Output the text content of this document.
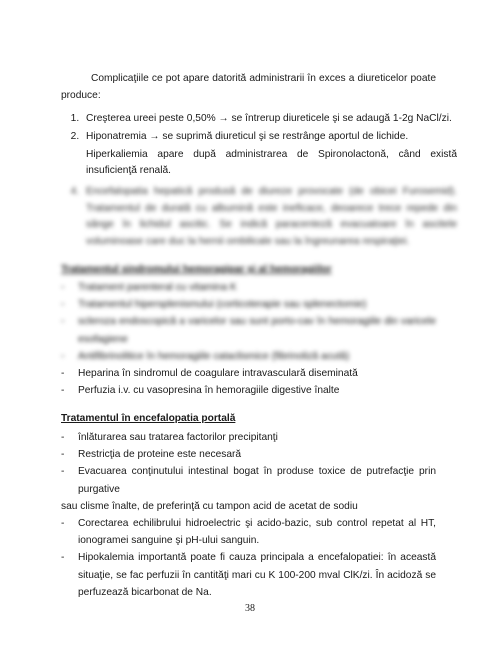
Complicaţiile ce pot apare datorită administrarii în exces a diureticelor poate produce:

1. Creşterea ureei peste 0,50% → se întrerup diureticele şi se adaugă 1-2g NaCl/zi.
2. Hiponatremia → se suprimă diureticul şi se restrânge aportul de lichide.
3. Hiperkaliemia apare după administrarea de Spironolactonă, când există insuficienţă renală.
4. Encefalopatia hepatică produsă de diureze provocate (de obicei Furosemid). Tratamentul de durată cu albumină este ineficace, deoarece trece repede din sânge în lichidul ascitic. Se indică paracenteză evacuatoare în ascitele voluminoase care duc la hernii ombilicale sau la îngreunarea respiraţiei.
Tratamentul sindromului hemoragipar şi al hemoragiilor
- Tratament parenteral cu vitamina K
- Tratamentul hipersplenismului (corticoterapie sau splenectomie)
- scleroza endoscopică a varicelor sau sunt porto-cav în hemoragiile din varicele esofagiene
- Antifibrinolitice în hemoragiile cataclismice (fibrinoliză acută)
- Heparina în sindromul de coagulare intravasculară diseminată
- Perfuzia i.v. cu vasopresina în hemoragiile digestive înalte
Tratamentul în encefalopatia portală
- înlăturarea sau tratarea factorilor precipitanţi
- Restricţia de proteine este necesară
- Evacuarea conţinutului intestinal bogat în produse toxice de putrefacţie prin purgative
sau clisme înalte, de preferinţă cu tampon acid de acetat de sodiu
- Corectarea echilibrului hidroelectric şi acido-bazic, sub control repetat al HT, ionogramei sanguine şi pH-ului sanguin.
- Hipokalemia importantă poate fi cauza principala a encefalopatiei: în această situaţie, se fac perfuzii în cantităţi mari cu K 100-200 mval ClK/zi. În acidoză se perfuzează bicarbonat de Na.
38
